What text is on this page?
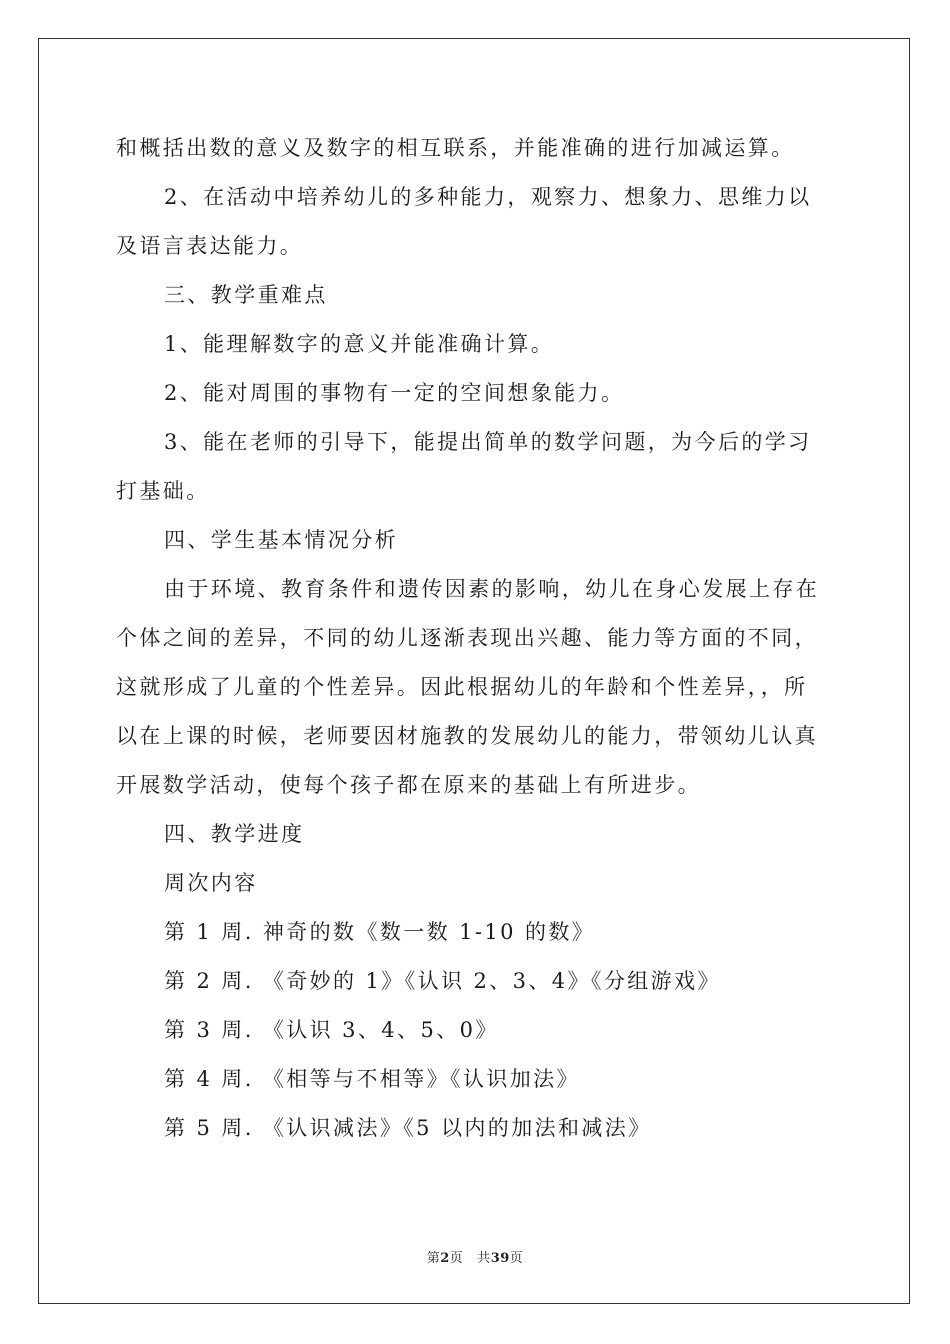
和概括出数的意义及数字的相互联系，并能准确的进行加减运算。
2、在活动中培养幼儿的多种能力，观察力、想象力、思维力以
及语言表达能力。
三、教学重难点
1、能理解数字的意义并能准确计算。
2、能对周围的事物有一定的空间想象能力。
3、能在老师的引导下，能提出简单的数学问题，为今后的学习
打基础。
四、学生基本情况分析
由于环境、教育条件和遗传因素的影响，幼儿在身心发展上存在
个体之间的差异，不同的幼儿逐渐表现出兴趣、能力等方面的不同，
这就形成了儿童的个性差异。因此根据幼儿的年龄和个性差异，，所
以在上课的时候，老师要因材施教的发展幼儿的能力，带领幼儿认真
开展数学活动，使每个孩子都在原来的基础上有所进步。
四、教学进度
周次内容
第 1 周. 神奇的数《数一数 1-10 的数》
第 2 周. 《奇妙的 1》《认识 2、3、4》《分组游戏》
第 3 周. 《认识 3、4、5、0》
第 4 周. 《相等与不相等》《认识加法》
第 5 周. 《认识减法》《5 以内的加法和减法》
第2页 共39页
